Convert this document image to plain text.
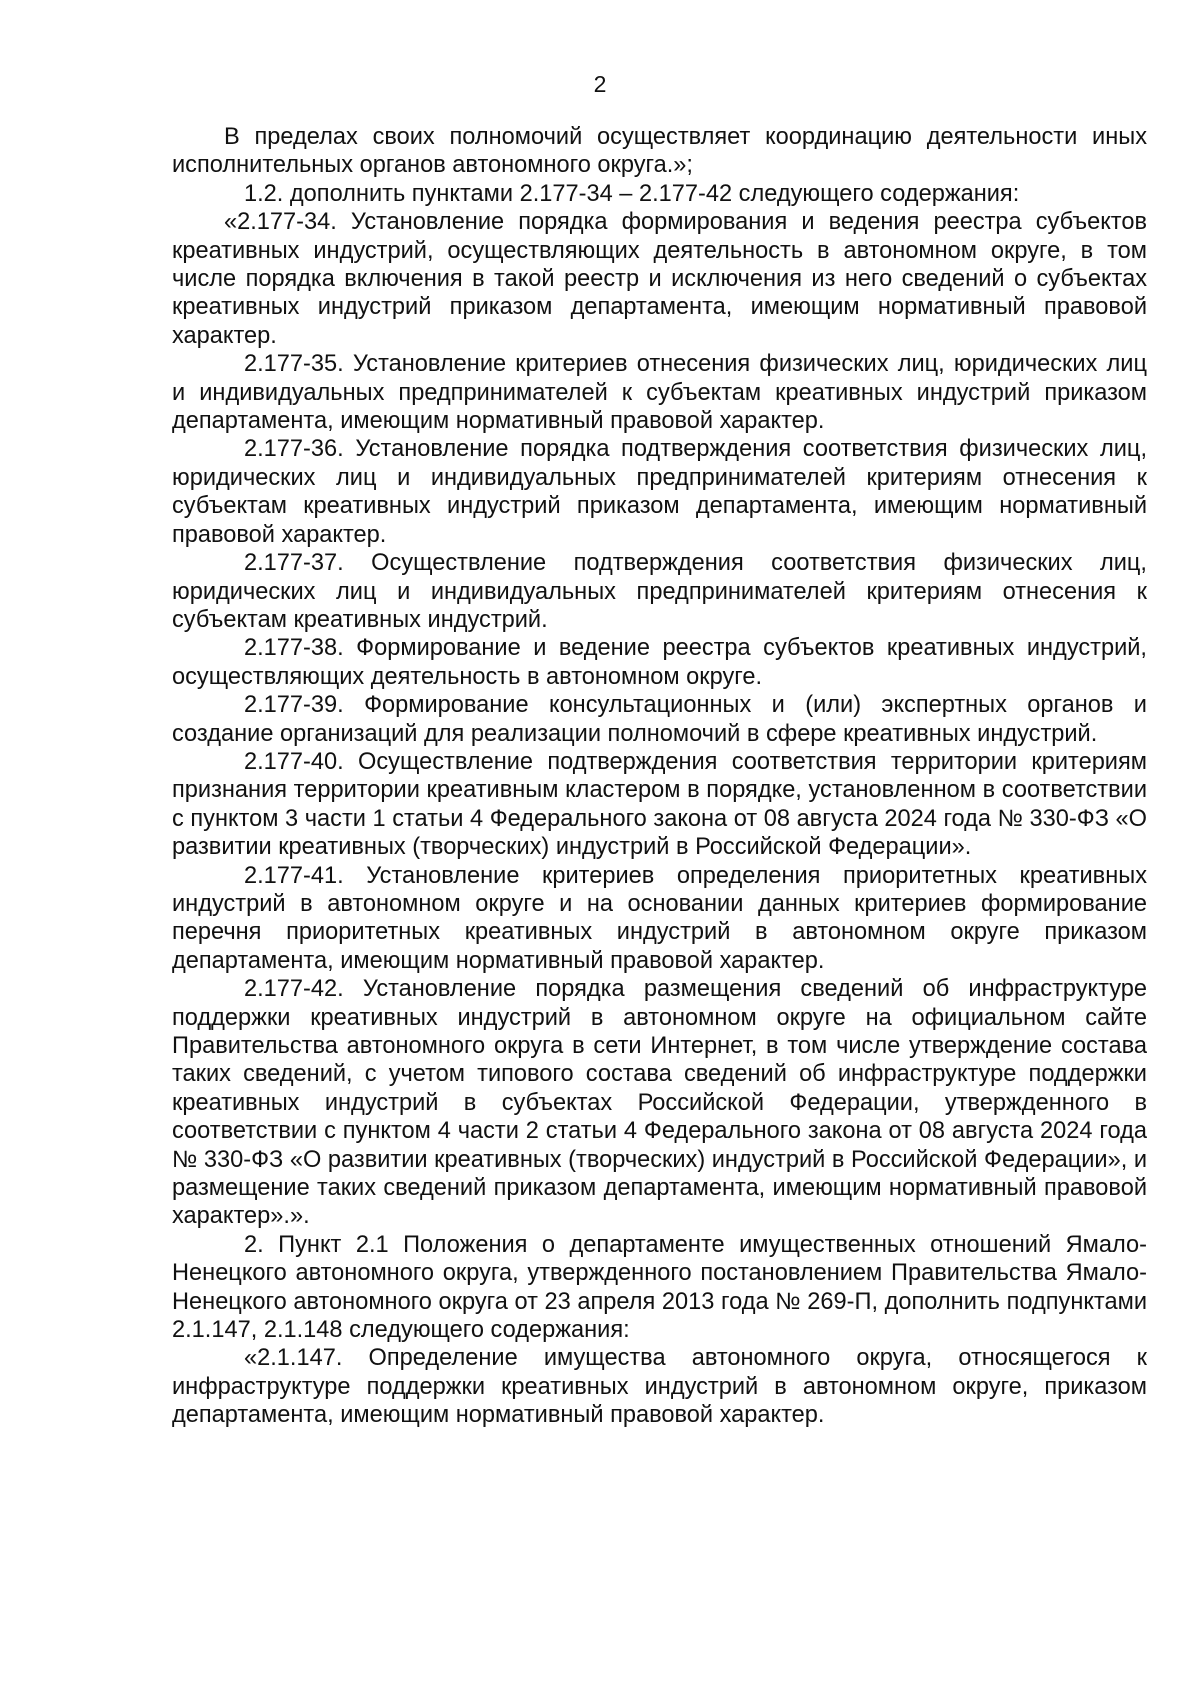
2

В пределах своих полномочий осуществляет координацию деятельности иных исполнительных органов автономного округа.»;

1.2. дополнить пунктами 2.177-34 – 2.177-42 следующего содержания:

«2.177-34. Установление порядка формирования и ведения реестра субъектов креативных индустрий, осуществляющих деятельность в автономном округе, в том числе порядка включения в такой реестр и исключения из него сведений о субъектах креативных индустрий приказом департамента, имеющим нормативный правовой характер.

2.177-35. Установление критериев отнесения физических лиц, юридических лиц и индивидуальных предпринимателей к субъектам креативных индустрий приказом департамента, имеющим нормативный правовой характер.

2.177-36. Установление порядка подтверждения соответствия физических лиц, юридических лиц и индивидуальных предпринимателей критериям отнесения к субъектам креативных индустрий приказом департамента, имеющим нормативный правовой характер.

2.177-37. Осуществление подтверждения соответствия физических лиц, юридических лиц и индивидуальных предпринимателей критериям отнесения к субъектам креативных индустрий.

2.177-38. Формирование и ведение реестра субъектов креативных индустрий, осуществляющих деятельность в автономном округе.

2.177-39. Формирование консультационных и (или) экспертных органов и создание организаций для реализации полномочий в сфере креативных индустрий.

2.177-40. Осуществление подтверждения соответствия территории критериям признания территории креативным кластером в порядке, установленном в соответствии с пунктом 3 части 1 статьи 4 Федерального закона от 08 августа 2024 года № 330-ФЗ «О развитии креативных (творческих) индустрий в Российской Федерации».

2.177-41. Установление критериев определения приоритетных креативных индустрий в автономном округе и на основании данных критериев формирование перечня приоритетных креативных индустрий в автономном округе приказом департамента, имеющим нормативный правовой характер.

2.177-42. Установление порядка размещения сведений об инфраструктуре поддержки креативных индустрий в автономном округе на официальном сайте Правительства автономного округа в сети Интернет, в том числе утверждение состава таких сведений, с учетом типового состава сведений об инфраструктуре поддержки креативных индустрий в субъектах Российской Федерации, утвержденного в соответствии с пунктом 4 части 2 статьи 4 Федерального закона от 08 августа 2024 года № 330-ФЗ «О развитии креативных (творческих) индустрий в Российской Федерации», и размещение таких сведений приказом департамента, имеющим нормативный правовой характер».».

2. Пункт 2.1 Положения о департаменте имущественных отношений Ямало-Ненецкого автономного округа, утвержденного постановлением Правительства Ямало-Ненецкого автономного округа от 23 апреля 2013 года № 269-П, дополнить подпунктами 2.1.147, 2.1.148 следующего содержания:

«2.1.147. Определение имущества автономного округа, относящегося к инфраструктуре поддержки креативных индустрий в автономном округе, приказом департамента, имеющим нормативный правовой характер.
